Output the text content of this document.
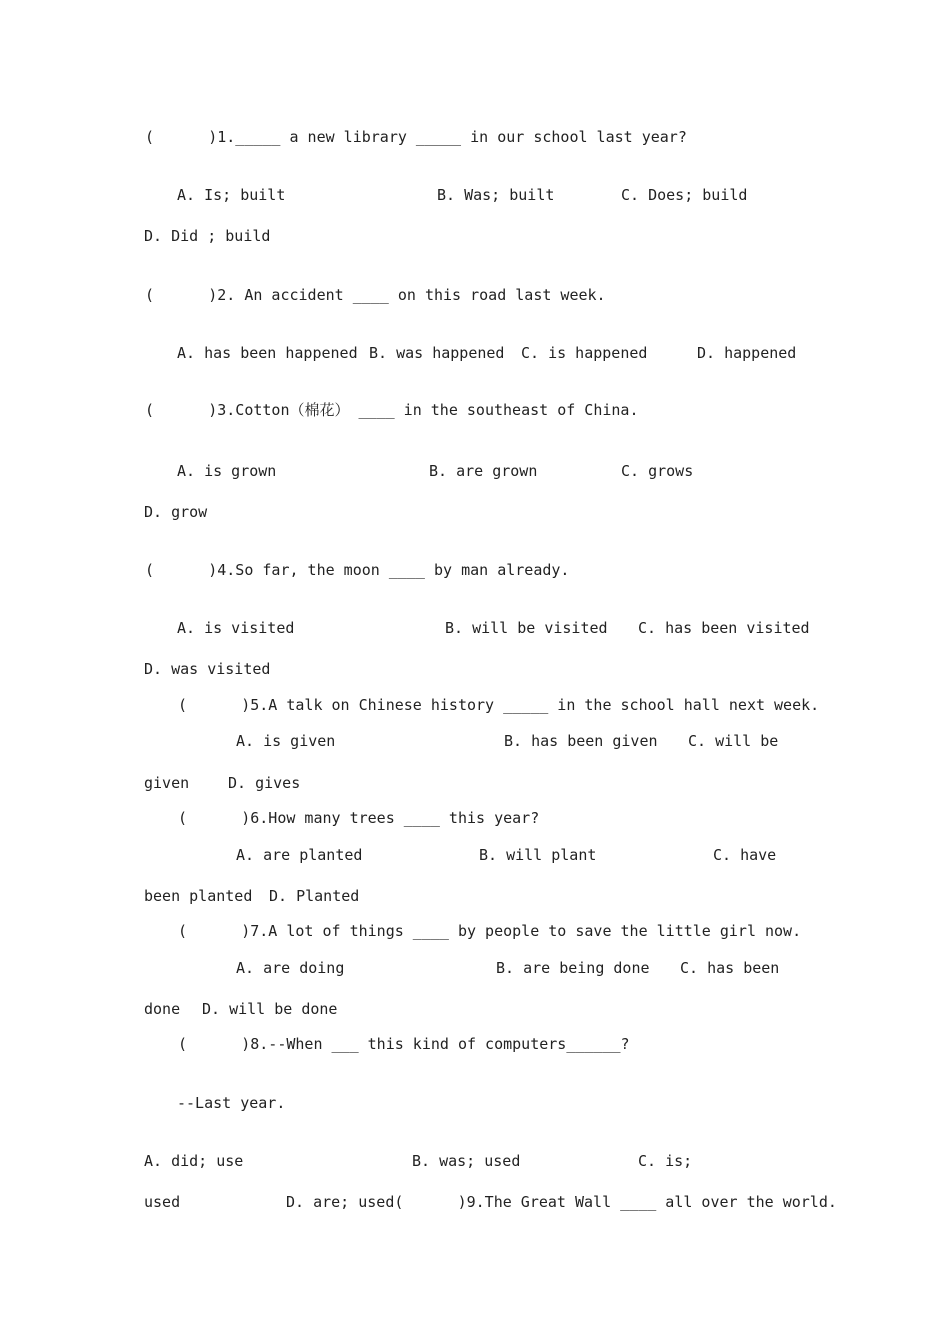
(      )1._____ a new library _____ in our school last year?
A. Is; built	B. Was; built	C. Does; build
D. Did ; build
(      )2. An accident ____ on this road last week.
A. has been happened B. was happened C. is happened	D. happened
(      )3.Cotton（棉花） ____ in the southeast of China.
A. is grown	B. are grown	C. grows
D. grow
(      )4.So far, the moon ____ by man already.
A. is visited	B. will be visited C. has been visited
D. was visited
(      )5.A talk on Chinese history _____ in the school hall next week.
A. is given	B. has been given C. will be
given	D. gives
(      )6.How many trees ____ this year?
A. are planted	B. will plant	C. have
been planted D. Planted
(      )7.A lot of things ____ by people to save the little girl now.
A. are doing	B. are being done C. has been
done D. will be done
(      )8.--When ___ this kind of computers______?
--Last year.
A. did; use	B. was; used	C. is;
used	D. are; used(      )9.The Great Wall ____ all over the world.
